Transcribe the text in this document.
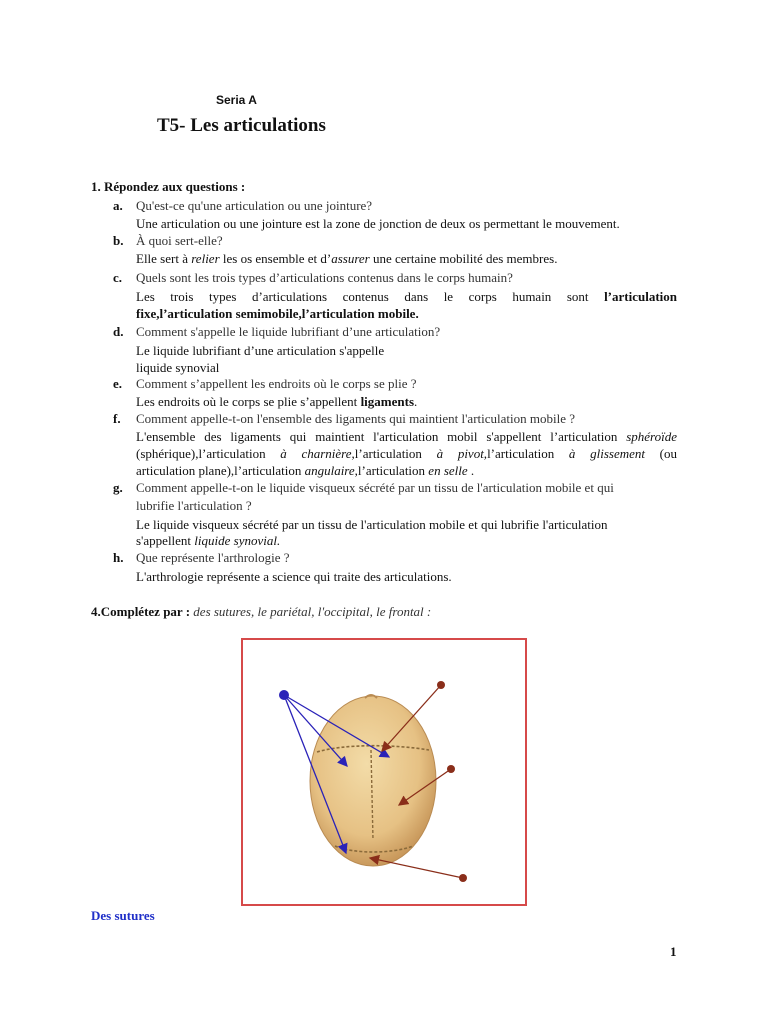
Seria A
T5- Les articulations
1. Répondez aux questions :
a. Qu'est-ce qu'une articulation ou une jointure?
Une articulation ou une jointure est la zone de jonction de deux os permettant le mouvement.
b. À quoi sert-elle?
Elle sert à relier les os ensemble et d’assurer une certaine mobilité des membres.
c. Quels sont les trois types d’articulations contenus dans le corps humain?
Les trois types d’articulations contenus dans le corps humain sont l’articulation
fixe,l’articulation semimobile,l’articulation mobile.
d. Comment s'appelle le liquide lubrifiant d’une articulation?
Le liquide lubrifiant d’une articulation s'appelle
liquide synovial
e. Comment s’appellent les endroits où le corps se plie ?
Les endroits où le corps se plie s’appellent ligaments.
f. Comment appelle-t-on l'ensemble des ligaments qui maintient l'articulation mobile ?
L'ensemble des ligaments qui maintient l'articulation mobil s'appellent l’articulation sphéroïde
(sphérique),l’articulation à charnière,l’articulation à pivot,l’articulation à glissement (ou
articulation plane),l’articulation angulaire,l’articulation en selle .
g. Comment appelle-t-on le liquide visqueux sécrété par un tissu de l'articulation mobile et qui
lubrifie l'articulation ?
Le liquide visqueux sécrété par un tissu de l'articulation mobile et qui lubrifie l'articulation
s'appellent liquide synovial.
h. Que représente l'arthrologie ?
L'arthrologie représente a science qui traite des articulations.
4.Complétez par : des sutures, le pariétal, l'occipital, le frontal :
Des sutures
1
